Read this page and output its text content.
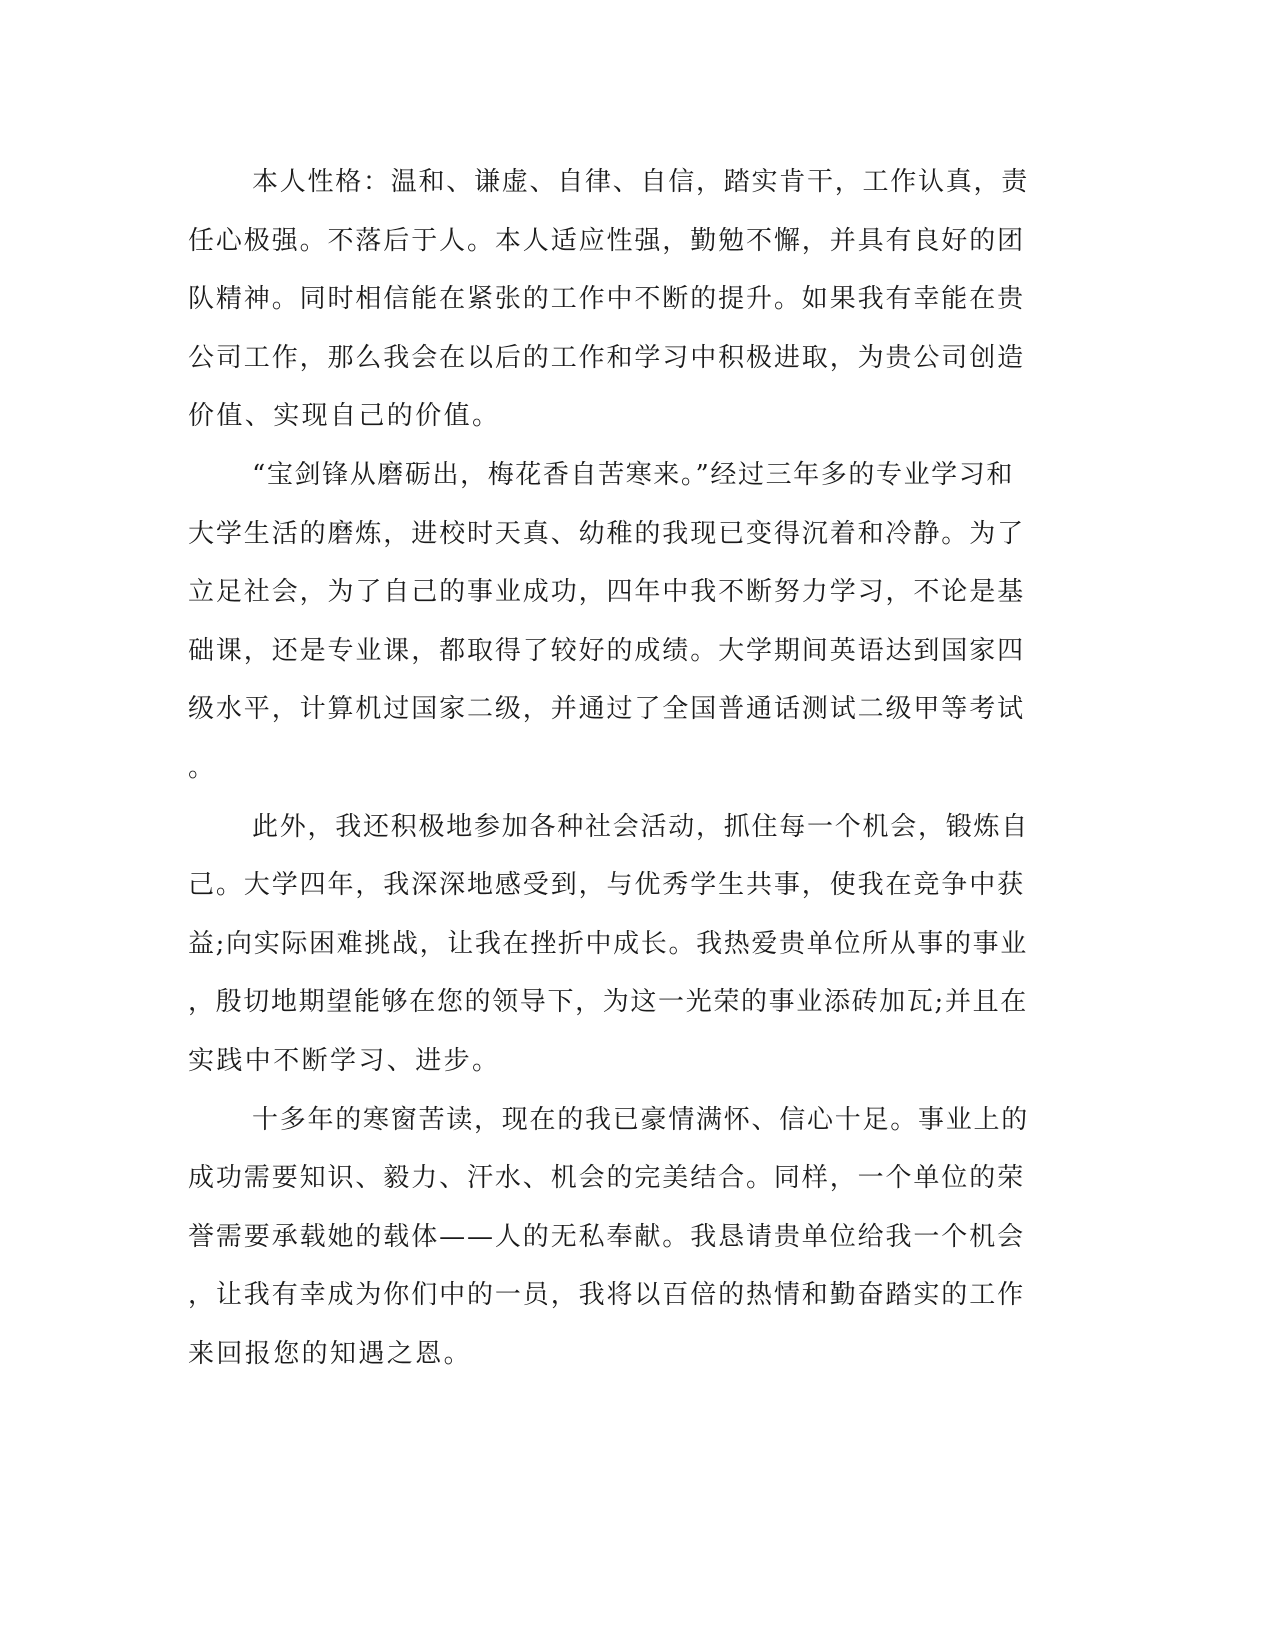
本人性格：温和、谦虚、自律、自信，踏实肯干，工作认真，责
任心极强。不落后于人。本人适应性强，勤勉不懈，并具有良好的团
队精神。同时相信能在紧张的工作中不断的提升。如果我有幸能在贵
公司工作，那么我会在以后的工作和学习中积极进取，为贵公司创造
价值、实现自己的价值。
“宝剑锋从磨砺出，梅花香自苦寒来。”经过三年多的专业学习和
大学生活的磨炼，进校时天真、幼稚的我现已变得沉着和冷静。为了
立足社会，为了自己的事业成功，四年中我不断努力学习，不论是基
础课，还是专业课，都取得了较好的成绩。大学期间英语达到国家四
级水平，计算机过国家二级，并通过了全国普通话测试二级甲等考试
。
此外，我还积极地参加各种社会活动，抓住每一个机会，锻炼自
己。大学四年，我深深地感受到，与优秀学生共事，使我在竞争中获
益;向实际困难挑战，让我在挫折中成长。我热爱贵单位所从事的事业
，殷切地期望能够在您的领导下，为这一光荣的事业添砖加瓦;并且在
实践中不断学习、进步。
十多年的寒窗苦读，现在的我已豪情满怀、信心十足。事业上的
成功需要知识、毅力、汗水、机会的完美结合。同样，一个单位的荣
誉需要承载她的载体——人的无私奉献。我恳请贵单位给我一个机会
，让我有幸成为你们中的一员，我将以百倍的热情和勤奋踏实的工作
来回报您的知遇之恩。
